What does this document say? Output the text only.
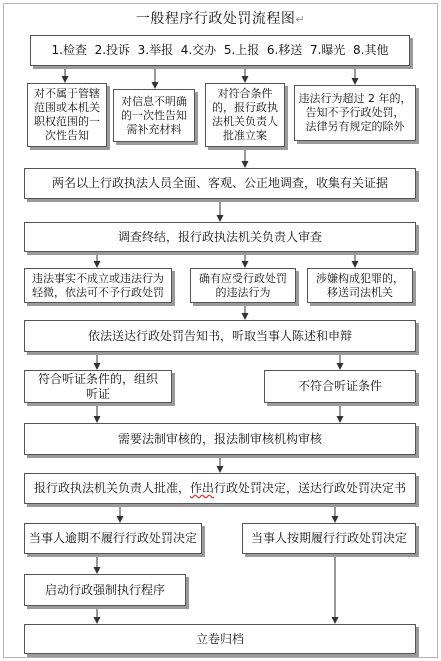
一般程序行政处罚流程图↵
1.检查  2.投诉  3.举报  4.交办  5.上报  6.移送  7.曝光  8.其他
对不属于管辖
范围或本机关
职权范围的一
次性告知
对信息不明确
的一次性告知
需补充材料
对符合条件
的，报行政执
法机关负责人
批准立案
违法行为超过 2 年的，
告知不予行政处罚，
法律另有规定的除外
两名以上行政执法人员全面、客观、公正地调查，收集有关证据
调查终结，报行政执法机关负责人审查
违法事实不成立或违法行为
轻微，依法可不予行政处罚
确有应受行政处罚
的违法行为
涉嫌构成犯罪的，
移送司法机关
依法送达行政处罚告知书，听取当事人陈述和申辩
符合听证条件的，组织
听证
不符合听证条件
需要法制审核的，报法制审核机构审核
报行政执法机关负责人批准，作出行政处罚决定，送达行政处罚决定书
当事人逾期不履行行政处罚决定	当事人按期履行行政处罚决定
启动行政强制执行程序
立卷归档
